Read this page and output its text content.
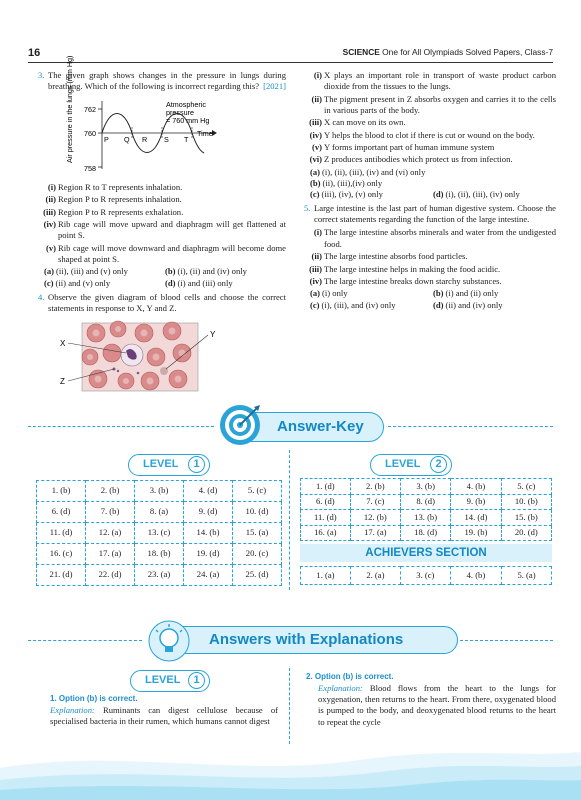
16	SCIENCE One for All Olympiads Solved Papers, Class-7
3. The given graph shows changes in the pressure in lungs during breathing. Which of the following is incorrect regarding this? [2021]
Air pressure in the lungs (mm Hg) 762
760
758
P Q R S T
Time
Atmospheric
pressure
= 760 mm Hg
(i) Region R to T represents inhalation.
(ii) Region P to R represents inhalation.
(iii) Region P to R represents exhalation.
(iv) Rib cage will move upward and diaphragm will get flattened at point S.
(v) Rib cage will move downward and diaphragm will become dome shaped at point S.
(a) (ii), (iii) and (v) only	(b) (i), (ii) and (iv) only
(c) (ii) and (v) only	(d) (i) and (iii) only
4. Observe the given diagram of blood cells and choose the correct statements in response to X, Y and Z.
X
Y
Z
(i) X plays an important role in transport of waste product carbon dioxide from the tissues to the lungs.
(ii) The pigment present in Z absorbs oxygen and carries it to the cells in various parts of the body.
(iii) X can move on its own.
(iv) Y helps the blood to clot if there is cut or wound on the body.
(v) Y forms important part of human immune system
(vi) Z produces antibodies which protect us from infection.
(a) (i), (ii), (iii), (iv) and (vi) only
(b) (ii), (iii),(iv) only
(c) (iii), (iv), (v) only	(d) (i), (ii), (iii), (iv) only
5. Large intestine is the last part of human digestive system. Choose the correct statements regarding the function of the large intestine.
(i) The large intestine absorbs minerals and water from the undigested food.
(ii) The large intestine absorbs food particles.
(iii) The large intestine helps in making the food acidic.
(iv) The large intestine breaks down starchy substances.
(a) (i) only	(b) (i) and (ii) only
(c) (i), (iii), and (iv) only	(d) (ii) and (iv) only
Answer-Key
LEVEL	1
1. (b)	2. (b)	3. (b)	4. (d)	5. (c)
6. (d)	7. (b)	8. (a)	9. (d)	10. (d)
11. (d)	12. (a)	13. (c)	14. (b)	15. (a)
16. (c)	17. (a)	18. (b)	19. (d)	20. (c)
21. (d)	22. (d)	23. (a)	24. (a)	25. (d)
LEVEL	2
1. (d)	2. (b)	3. (b)	4. (b)	5. (c)
6. (d)	7. (c)	8. (d)	9. (b)	10. (b)
11. (d)	12. (b)	13. (b)	14. (d)	15. (b)
16. (a)	17. (a)	18. (d)	19. (b)	20. (d)
ACHIEVERS SECTION
1. (a)	2. (a)	3. (c)	4. (b)	5. (a)
Answers with Explanations
LEVEL	1
1. Option (b) is correct.
Explanation: Ruminants can digest cellulose because of specialised bacteria in their rumen, which humans cannot digest
2. Option (b) is correct.
Explanation: Blood flows from the heart to the lungs for oxygenation, then returns to the heart. From there, oxygenated blood is pumped to the body, and deoxygenated blood returns to the heart to repeat the cycle
